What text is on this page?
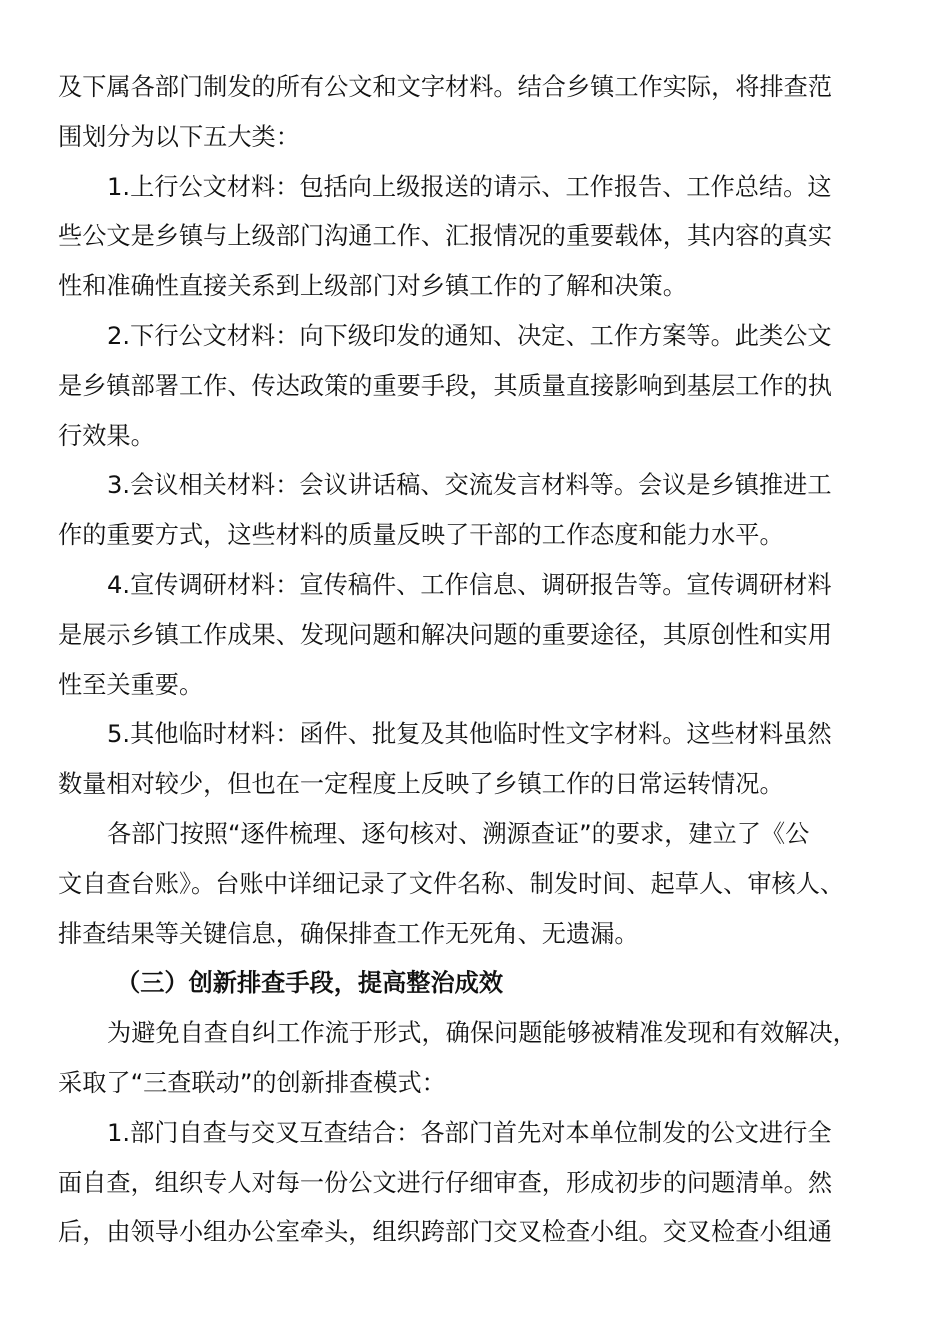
及下属各部门制发的所有公文和文字材料。结合乡镇工作实际，将排查范
围划分为以下五大类：
1.上行公文材料：包括向上级报送的请示、工作报告、工作总结。这
些公文是乡镇与上级部门沟通工作、汇报情况的重要载体，其内容的真实
性和准确性直接关系到上级部门对乡镇工作的了解和决策。
2.下行公文材料：向下级印发的通知、决定、工作方案等。此类公文
是乡镇部署工作、传达政策的重要手段，其质量直接影响到基层工作的执
行效果。
3.会议相关材料：会议讲话稿、交流发言材料等。会议是乡镇推进工
作的重要方式，这些材料的质量反映了干部的工作态度和能力水平。
4.宣传调研材料：宣传稿件、工作信息、调研报告等。宣传调研材料
是展示乡镇工作成果、发现问题和解决问题的重要途径，其原创性和实用
性至关重要。
5.其他临时材料：函件、批复及其他临时性文字材料。这些材料虽然
数量相对较少，但也在一定程度上反映了乡镇工作的日常运转情况。
各部门按照“逐件梳理、逐句核对、溯源查证”的要求，建立了《公
文自查台账》。台账中详细记录了文件名称、制发时间、起草人、审核人、
排查结果等关键信息，确保排查工作无死角、无遗漏。
（三）创新排查手段，提高整治成效
为避免自查自纠工作流于形式，确保问题能够被精准发现和有效解决，
采取了“三查联动”的创新排查模式：
1.部门自查与交叉互查结合：各部门首先对本单位制发的公文进行全
面自查，组织专人对每一份公文进行仔细审查，形成初步的问题清单。然
后，由领导小组办公室牵头，组织跨部门交叉检查小组。交叉检查小组通
